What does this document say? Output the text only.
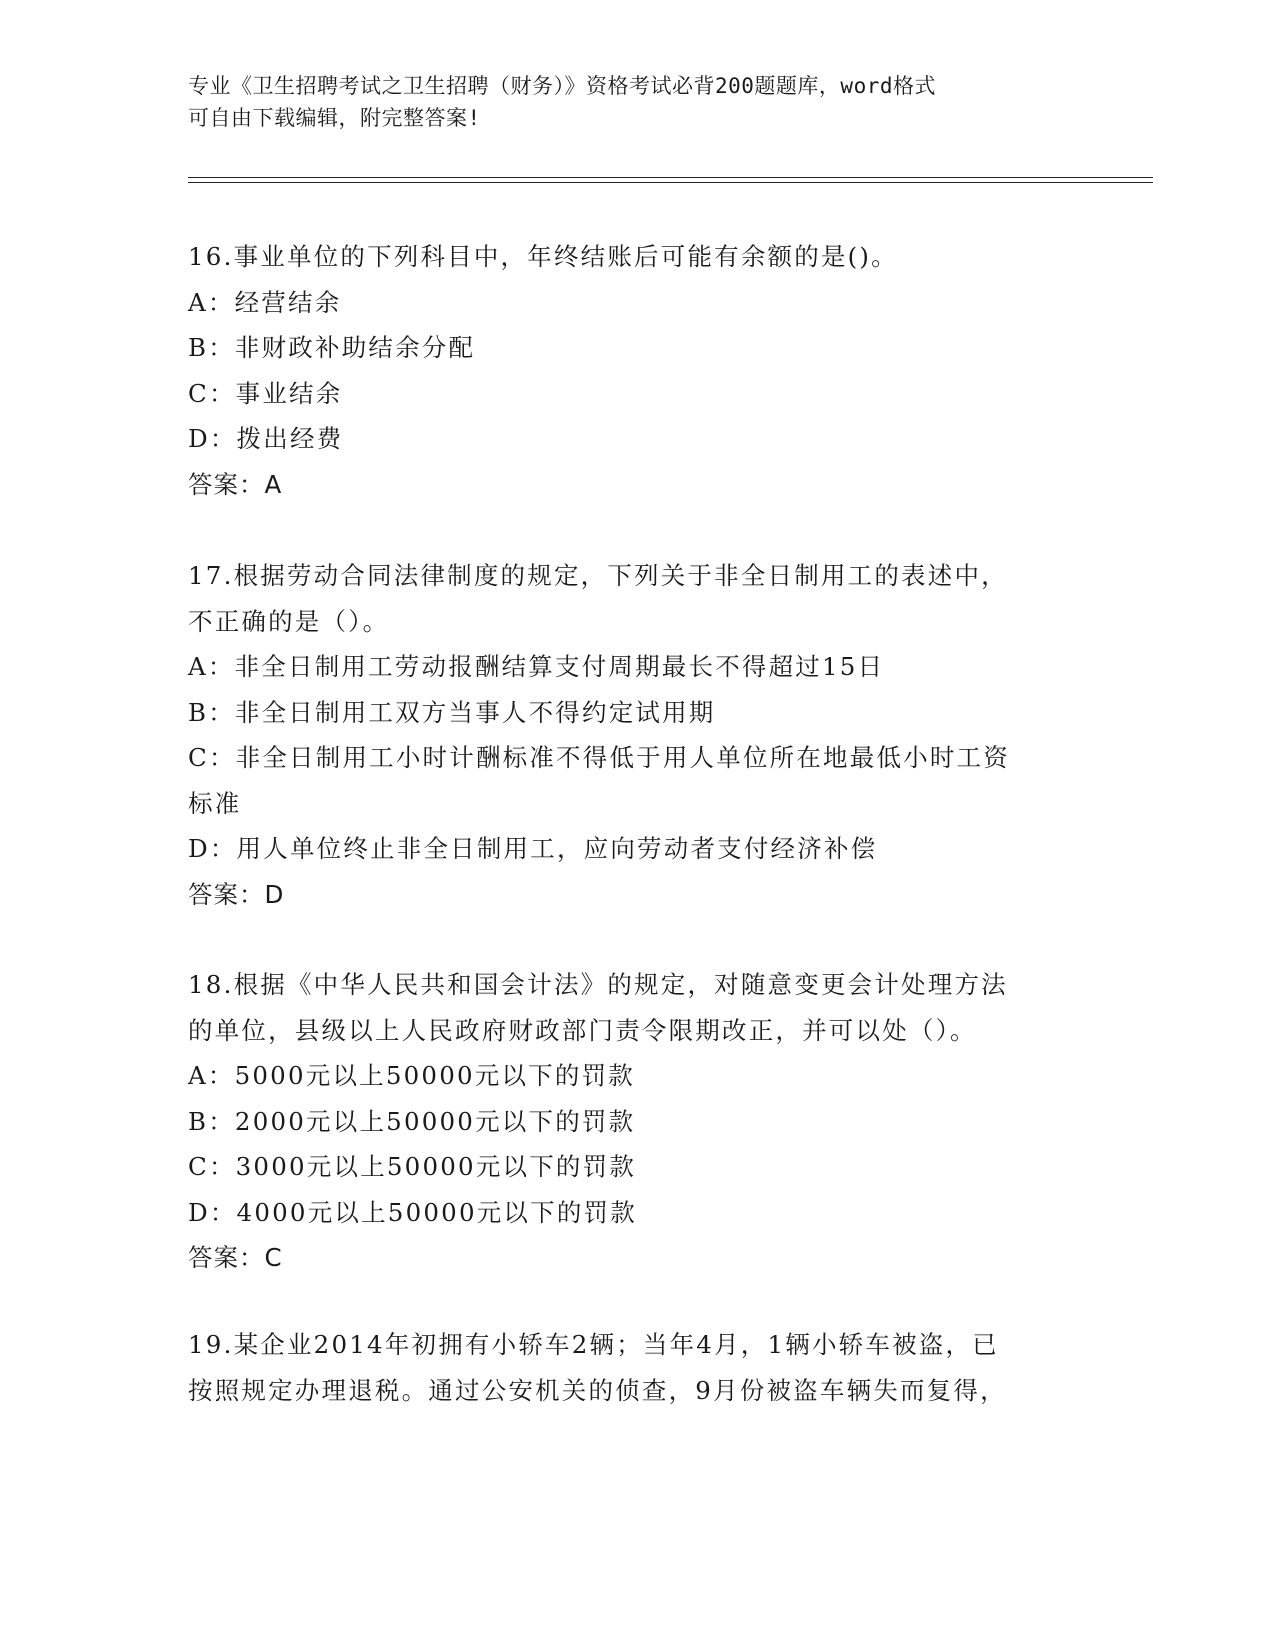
专业《卫生招聘考试之卫生招聘（财务）》资格考试必背200题题库，word格式
可自由下载编辑，附完整答案!
16.事业单位的下列科目中，年终结账后可能有余额的是()。
A：经营结余
B：非财政补助结余分配
C：事业结余
D：拨出经费
答案：A
17.根据劳动合同法律制度的规定，下列关于非全日制用工的表述中，
不正确的是（）。
A：非全日制用工劳动报酬结算支付周期最长不得超过15日
B：非全日制用工双方当事人不得约定试用期
C：非全日制用工小时计酬标准不得低于用人单位所在地最低小时工资
标准
D：用人单位终止非全日制用工，应向劳动者支付经济补偿
答案：D
18.根据《中华人民共和国会计法》的规定，对随意变更会计处理方法
的单位，县级以上人民政府财政部门责令限期改正，并可以处（）。
A：5000元以上50000元以下的罚款
B：2000元以上50000元以下的罚款
C：3000元以上50000元以下的罚款
D：4000元以上50000元以下的罚款
答案：C
19.某企业2014年初拥有小轿车2辆；当年4月，1辆小轿车被盗，已
按照规定办理退税。通过公安机关的侦查，9月份被盗车辆失而复得，
